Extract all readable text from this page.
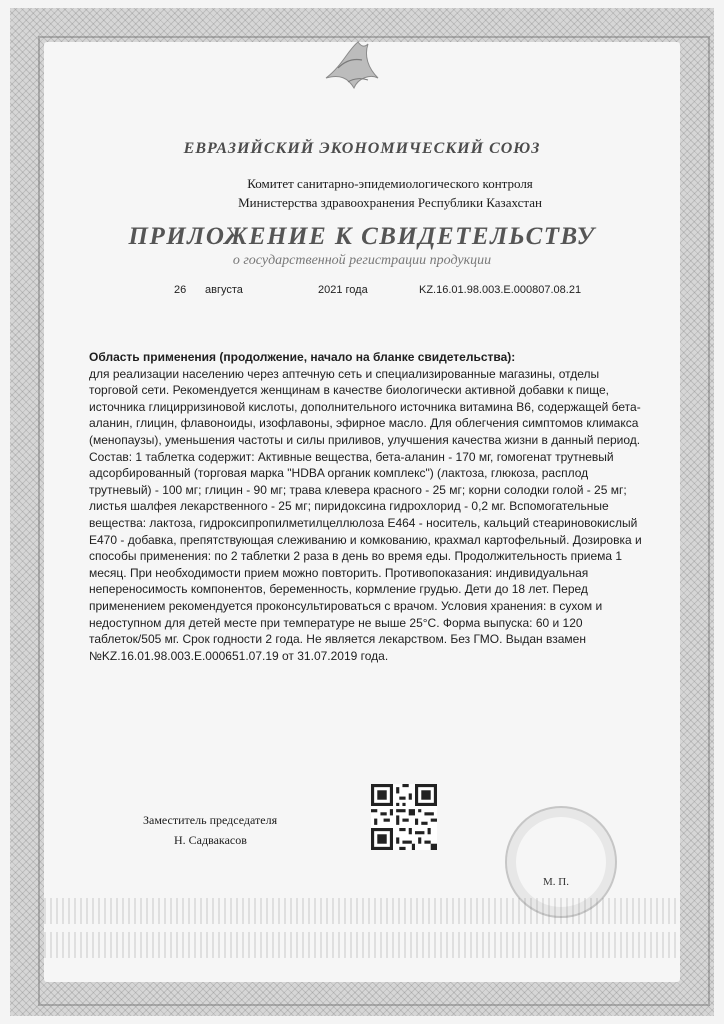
ЕВРАЗИЙСКИЙ ЭКОНОМИЧЕСКИЙ СОЮЗ
Комитет санитарно-эпидемиологического контроля
Министерства здравоохранения Республики Казахстан
ПРИЛОЖЕНИЕ К СВИДЕТЕЛЬСТВУ
о государственной регистрации продукции
26 августа	2021 года	KZ.16.01.98.003.E.000807.08.21
Область применения (продолжение, начало на бланке свидетельства):
для реализации населению через аптечную сеть и специализированные магазины, отделы
торговой сети. Рекомендуется женщинам в качестве биологически активной добавки к пище,
источника глицирризиновой кислоты, дополнительного источника витамина В6, содержащей бета-
аланин, глицин, флавоноиды, изофлавоны, эфирное масло. Для облегчения симптомов климакса
(менопаузы), уменьшения частоты и силы приливов, улучшения качества жизни в данный период.
Состав: 1 таблетка содержит: Активные вещества, бета-аланин - 170 мг, гомогенат трутневый
адсорбированный (торговая марка "HDBA органик комплекс") (лактоза, глюкоза, расплод
трутневый) - 100 мг; глицин - 90 мг; трава клевера красного - 25 мг; корни солодки голой - 25 мг;
листья шалфея лекарственного - 25 мг; пиридоксина гидрохлорид - 0,2 мг. Вспомогательные
вещества: лактоза, гидроксипропилметилцеллюлоза Е464 - носитель, кальций стеариновокислый
Е470 - добавка, препятствующая слеживанию и комкованию, крахмал картофельный. Дозировка и
способы применения: по 2 таблетки 2 раза в день во время еды. Продолжительность приема 1
месяц. При необходимости прием можно повторить. Противопоказания: индивидуальная
непереносимость компонентов, беременность, кормление грудью. Дети до 18 лет. Перед
применением рекомендуется проконсультироваться с врачом. Условия хранения: в сухом и
недоступном для детей месте при температуре не выше 25°С. Форма выпуска: 60 и 120
таблеток/505 мг. Срок годности 2 года. Не является лекарством. Без ГМО. Выдан взамен
№KZ.16.01.98.003.Е.000651.07.19 от 31.07.2019 года.
Заместитель председателя
Н. Садвакасов
М. П.
